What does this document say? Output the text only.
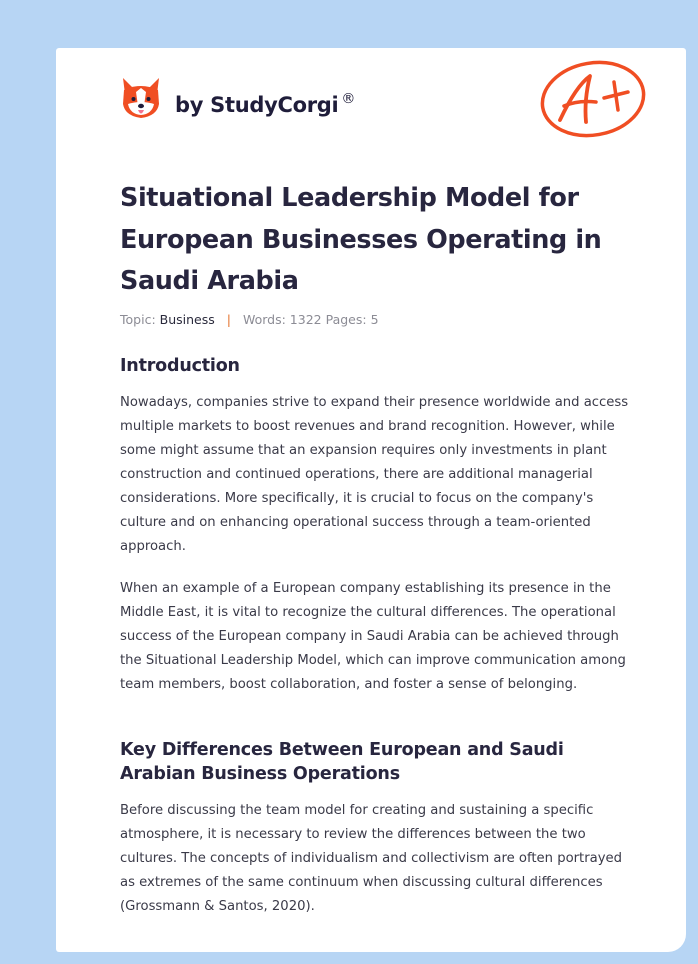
by StudyCorgi ®
Situational Leadership Model for European Businesses Operating in Saudi Arabia
Topic: Business | Words: 1322 Pages: 5
Introduction

Nowadays, companies strive to expand their presence worldwide and access multiple markets to boost revenues and brand recognition. However, while some might assume that an expansion requires only investments in plant construction and continued operations, there are additional managerial considerations. More specifically, it is crucial to focus on the company's culture and on enhancing operational success through a team-oriented approach.

When an example of a European company establishing its presence in the Middle East, it is vital to recognize the cultural differences. The operational success of the European company in Saudi Arabia can be achieved through the Situational Leadership Model, which can improve communication among team members, boost collaboration, and foster a sense of belonging.

Key Differences Between European and Saudi Arabian Business Operations

Before discussing the team model for creating and sustaining a specific atmosphere, it is necessary to review the differences between the two cultures. The concepts of individualism and collectivism are often portrayed as extremes of the same continuum when discussing cultural differences (Grossmann & Santos, 2020).
